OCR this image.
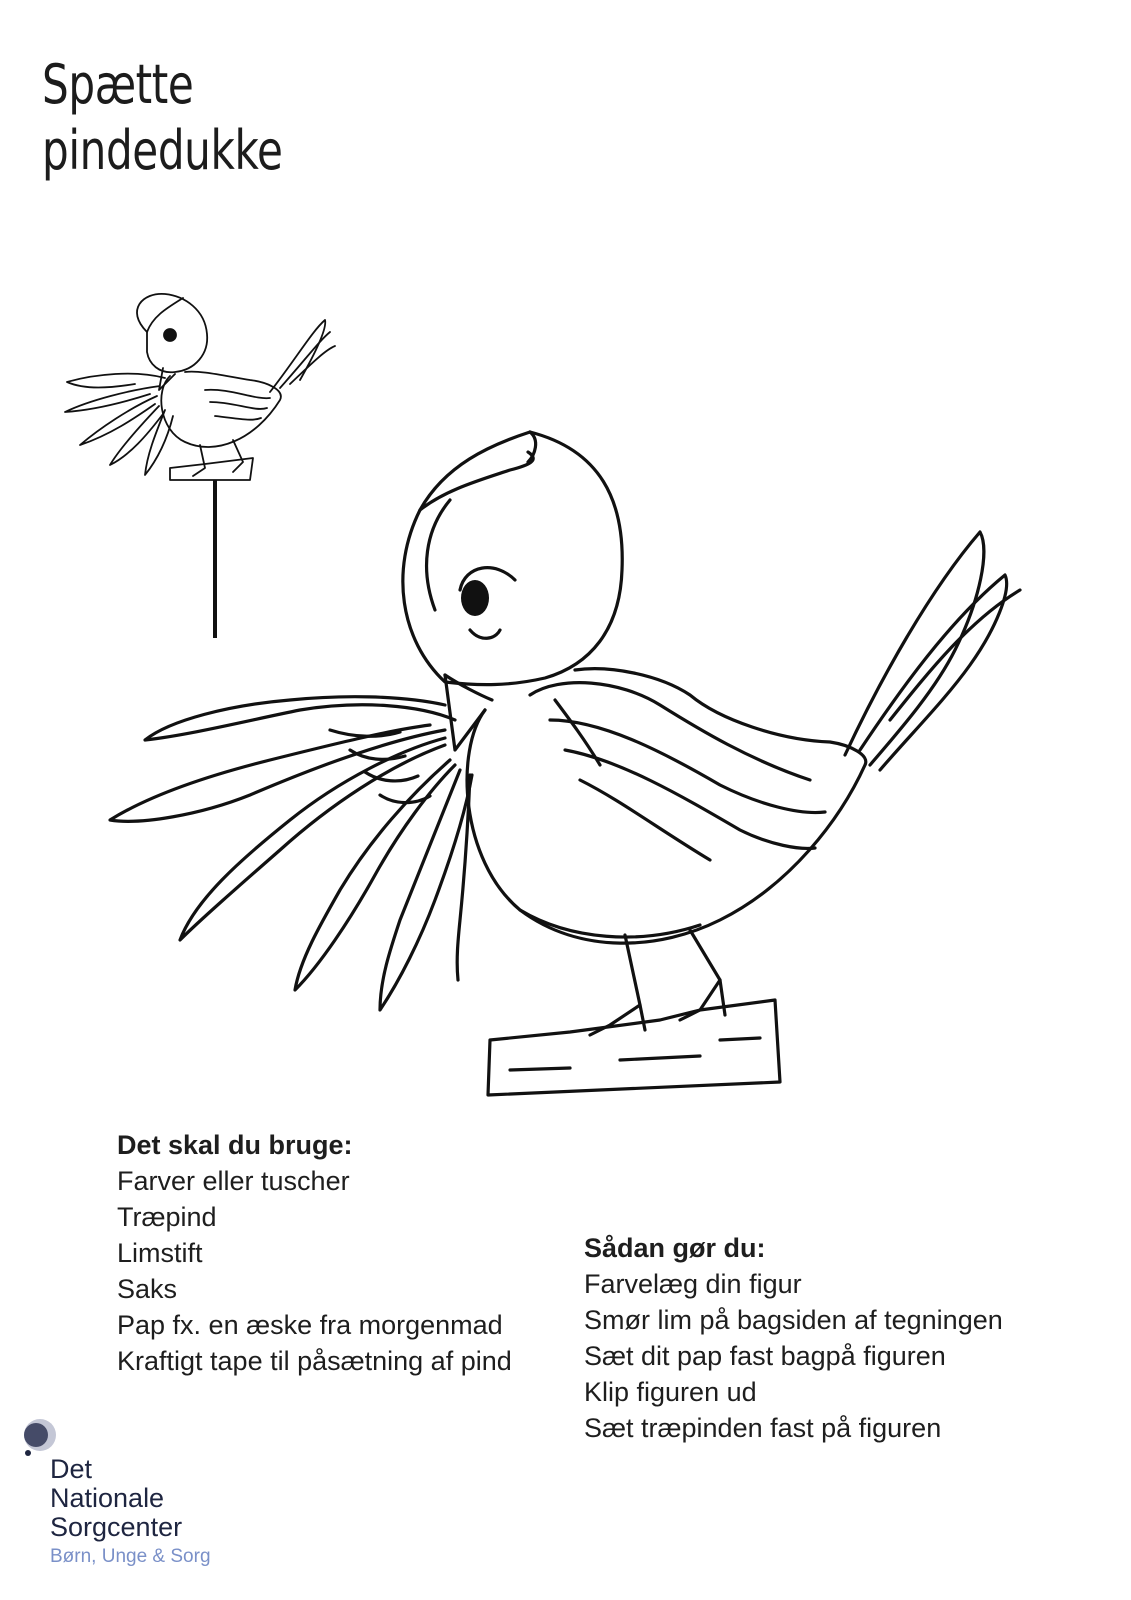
Spætte
pindedukke
Det skal du bruge:
Farver eller tuscher
Træpind
Limstift
Saks
Pap fx. en æske fra morgenmad
Kraftigt tape til påsætning af pind
Sådan gør du:
Farvelæg din figur
Smør lim på bagsiden af tegningen
Sæt dit pap fast bagpå figuren
Klip figuren ud
Sæt træpinden fast på figuren
Det
Nationale
Sorgcenter
Børn, Unge & Sorg
